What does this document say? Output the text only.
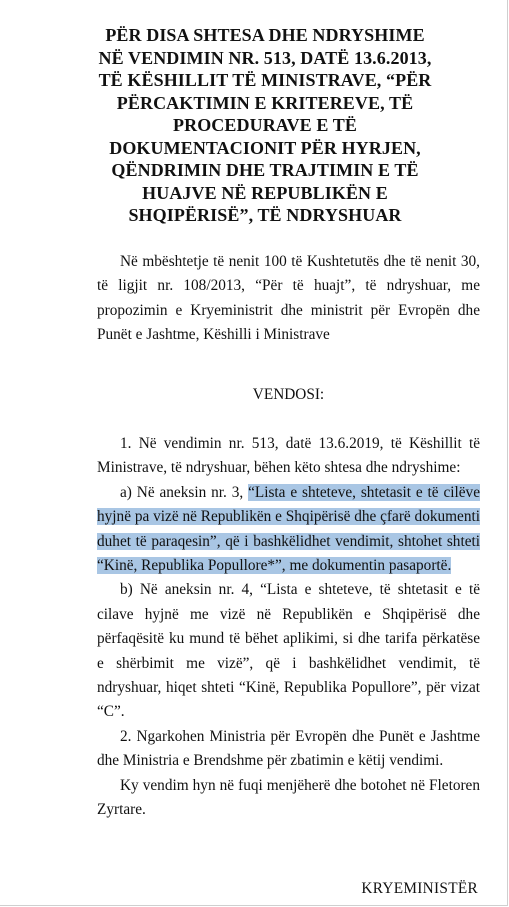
PËR DISA SHTESA DHE NDRYSHIME
NË VENDIMIN NR. 513, DATË 13.6.2013,
TË KËSHILLIT TË MINISTRAVE, “PËR
PËRCAKTIMIN E KRITEREVE, TË
PROCEDURAVE E TË
DOKUMENTACIONIT PËR HYRJEN,
QËNDRIMIN DHE TRAJTIMIN E TË
HUAJVE NË REPUBLIKËN E
SHQIPËRISË”, TË NDRYSHUAR

Në mbështetje të nenit 100 të Kushtetutës dhe të nenit 30, të ligjit nr. 108/2013, “Për të huajt”, të ndryshuar, me propozimin e Kryeministrit dhe ministrit për Evropën dhe Punët e Jashtme, Këshilli i Ministrave

VENDOSI:

1. Në vendimin nr. 513, datë 13.6.2019, të Këshillit të Ministrave, të ndryshuar, bëhen këto shtesa dhe ndryshime:

a) Në aneksin nr. 3, “Lista e shteteve, shtetasit e të cilëve hyjnë pa vizë në Republikën e Shqipërisë dhe çfarë dokumenti duhet të paraqesin”, që i bashkëlidhet vendimit, shtohet shteti “Kinë, Republika Popullore*”, me dokumentin pasaportë.

b) Në aneksin nr. 4, “Lista e shteteve, të shtetasit e të cilave hyjnë me vizë në Republikën e Shqipërisë dhe përfaqësitë ku mund të bëhet aplikimi, si dhe tarifa përkatëse e shërbimit me vizë”, që i bashkëlidhet vendimit, të ndryshuar, hiqet shteti “Kinë, Republika Popullore”, për vizat “C”.

2. Ngarkohen Ministria për Evropën dhe Punët e Jashtme dhe Ministria e Brendshme për zbatimin e këtij vendimi.

Ky vendim hyn në fuqi menjëherë dhe botohet në Fletoren Zyrtare.

KRYEMINISTËR
